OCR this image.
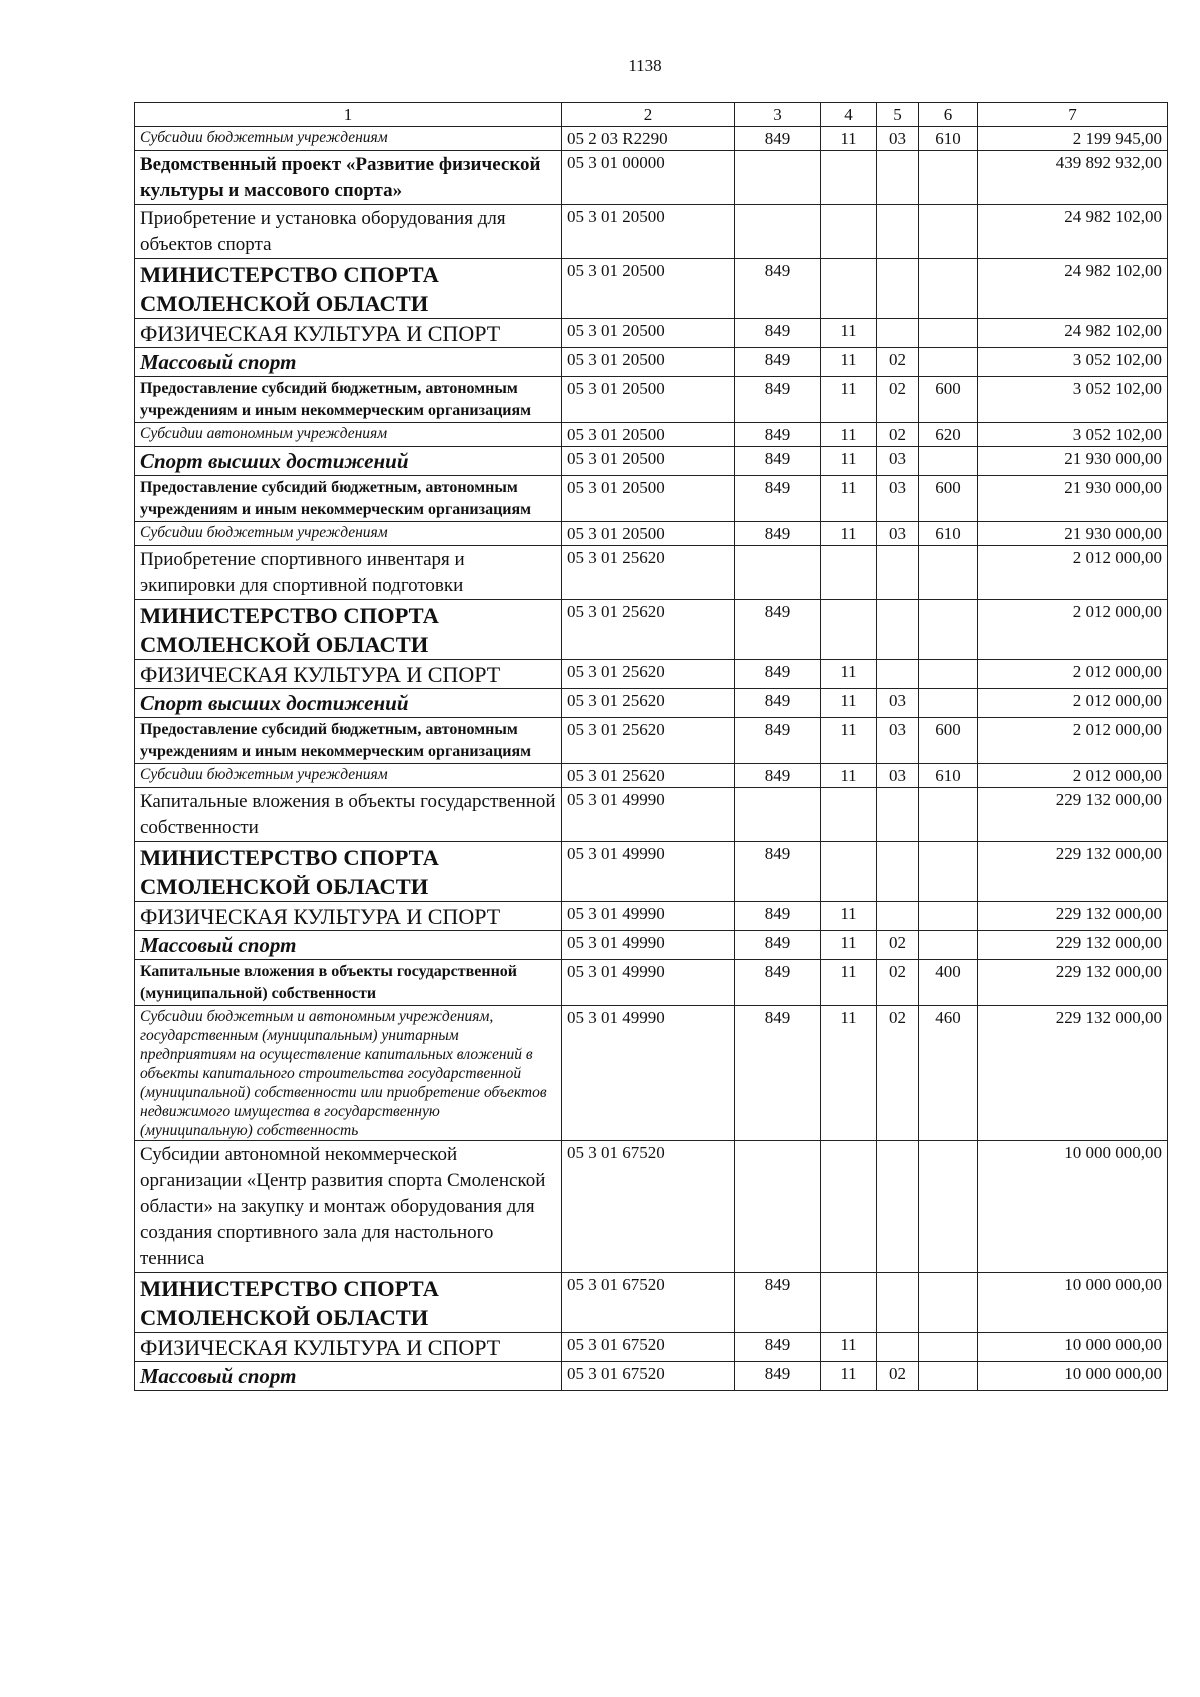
1138
1	2	3	4	5	6	7
Субсидии бюджетным учреждениям	05 2 03 R2290	849	11	03	610	2 199 945,00
Ведомственный проект «Развитие физической культуры и массового спорта»	05 3 01 00000					439 892 932,00
Приобретение и установка оборудования для объектов спорта	05 3 01 20500					24 982 102,00
МИНИСТЕРСТВО СПОРТА СМОЛЕНСКОЙ ОБЛАСТИ	05 3 01 20500	849				24 982 102,00
ФИЗИЧЕСКАЯ КУЛЬТУРА И СПОРТ	05 3 01 20500	849	11			24 982 102,00
Массовый спорт	05 3 01 20500	849	11	02		3 052 102,00
Предоставление субсидий бюджетным, автономным учреждениям и иным некоммерческим организациям	05 3 01 20500	849	11	02	600	3 052 102,00
Субсидии автономным учреждениям	05 3 01 20500	849	11	02	620	3 052 102,00
Спорт высших достижений	05 3 01 20500	849	11	03		21 930 000,00
Предоставление субсидий бюджетным, автономным учреждениям и иным некоммерческим организациям	05 3 01 20500	849	11	03	600	21 930 000,00
Субсидии бюджетным учреждениям	05 3 01 20500	849	11	03	610	21 930 000,00
Приобретение спортивного инвентаря и экипировки для спортивной подготовки	05 3 01 25620					2 012 000,00
МИНИСТЕРСТВО СПОРТА СМОЛЕНСКОЙ ОБЛАСТИ	05 3 01 25620	849				2 012 000,00
ФИЗИЧЕСКАЯ КУЛЬТУРА И СПОРТ	05 3 01 25620	849	11			2 012 000,00
Спорт высших достижений	05 3 01 25620	849	11	03		2 012 000,00
Предоставление субсидий бюджетным, автономным учреждениям и иным некоммерческим организациям	05 3 01 25620	849	11	03	600	2 012 000,00
Субсидии бюджетным учреждениям	05 3 01 25620	849	11	03	610	2 012 000,00
Капитальные вложения в объекты государственной собственности	05 3 01 49990					229 132 000,00
МИНИСТЕРСТВО СПОРТА СМОЛЕНСКОЙ ОБЛАСТИ	05 3 01 49990	849				229 132 000,00
ФИЗИЧЕСКАЯ КУЛЬТУРА И СПОРТ	05 3 01 49990	849	11			229 132 000,00
Массовый спорт	05 3 01 49990	849	11	02		229 132 000,00
Капитальные вложения в объекты государственной (муниципальной) собственности	05 3 01 49990	849	11	02	400	229 132 000,00
Субсидии бюджетным и автономным учреждениям, государственным (муниципальным) унитарным предприятиям на осуществление капитальных вложений в объекты капитального строительства государственной (муниципальной) собственности или приобретение объектов недвижимого имущества в государственную (муниципальную) собственность	05 3 01 49990	849	11	02	460	229 132 000,00
Субсидии автономной некоммерческой организации «Центр развития спорта Смоленской области» на закупку и монтаж оборудования для создания спортивного зала для настольного тенниса	05 3 01 67520					10 000 000,00
МИНИСТЕРСТВО СПОРТА СМОЛЕНСКОЙ ОБЛАСТИ	05 3 01 67520	849				10 000 000,00
ФИЗИЧЕСКАЯ КУЛЬТУРА И СПОРТ	05 3 01 67520	849	11			10 000 000,00
Массовый спорт	05 3 01 67520	849	11	02		10 000 000,00
